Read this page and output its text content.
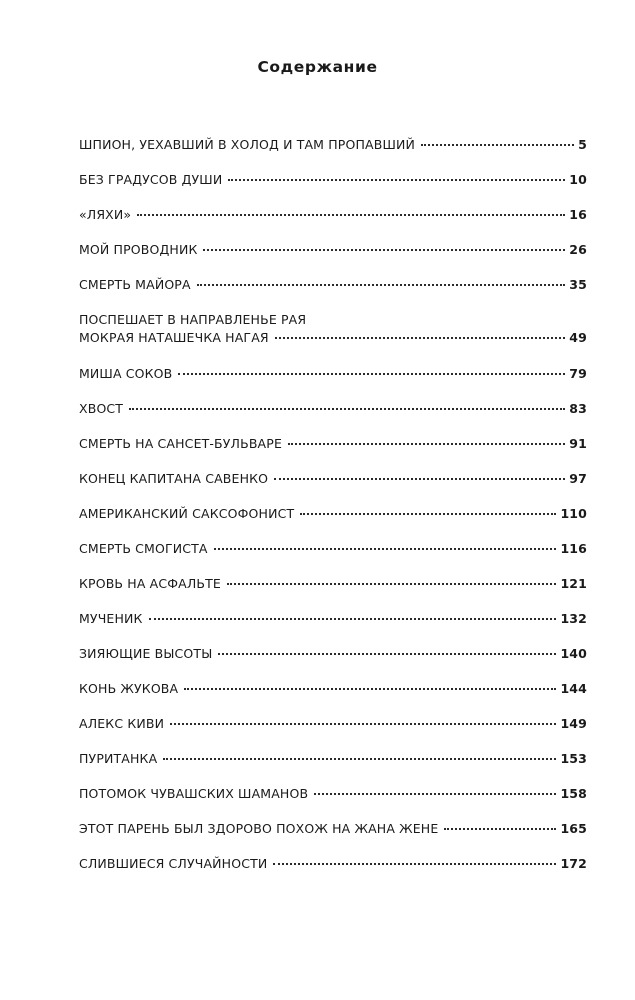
Содержание
ШПИОН, УЕХАВШИЙ В ХОЛОД И ТАМ ПРОПАВШИЙ	5
БЕЗ ГРАДУСОВ ДУШИ	10
«ЛЯХИ»	16
МОЙ ПРОВОДНИК	26
СМЕРТЬ МАЙОРА	35
ПОСПЕШАЕТ В НАПРАВЛЕНЬЕ РАЯ
МОКРАЯ НАТАШЕЧКА НАГАЯ	49
МИША СОКОВ	79
ХВОСТ	83
СМЕРТЬ НА САНСЕТ-БУЛЬВАРЕ	91
КОНЕЦ КАПИТАНА САВЕНКО	97
АМЕРИКАНСКИЙ САКСОФОНИСТ	110
СМЕРТЬ СМОГИСТА	116
КРОВЬ НА АСФАЛЬТЕ	121
МУЧЕНИК	132
ЗИЯЮЩИЕ ВЫСОТЫ	140
КОНЬ ЖУКОВА	144
АЛЕКС КИВИ	149
ПУРИТАНКА	153
ПОТОМОК ЧУВАШСКИХ ШАМАНОВ	158
ЭТОТ ПАРЕНЬ БЫЛ ЗДОРОВО ПОХОЖ НА ЖАНА ЖЕНЕ	165
СЛИВШИЕСЯ СЛУЧАЙНОСТИ	172
